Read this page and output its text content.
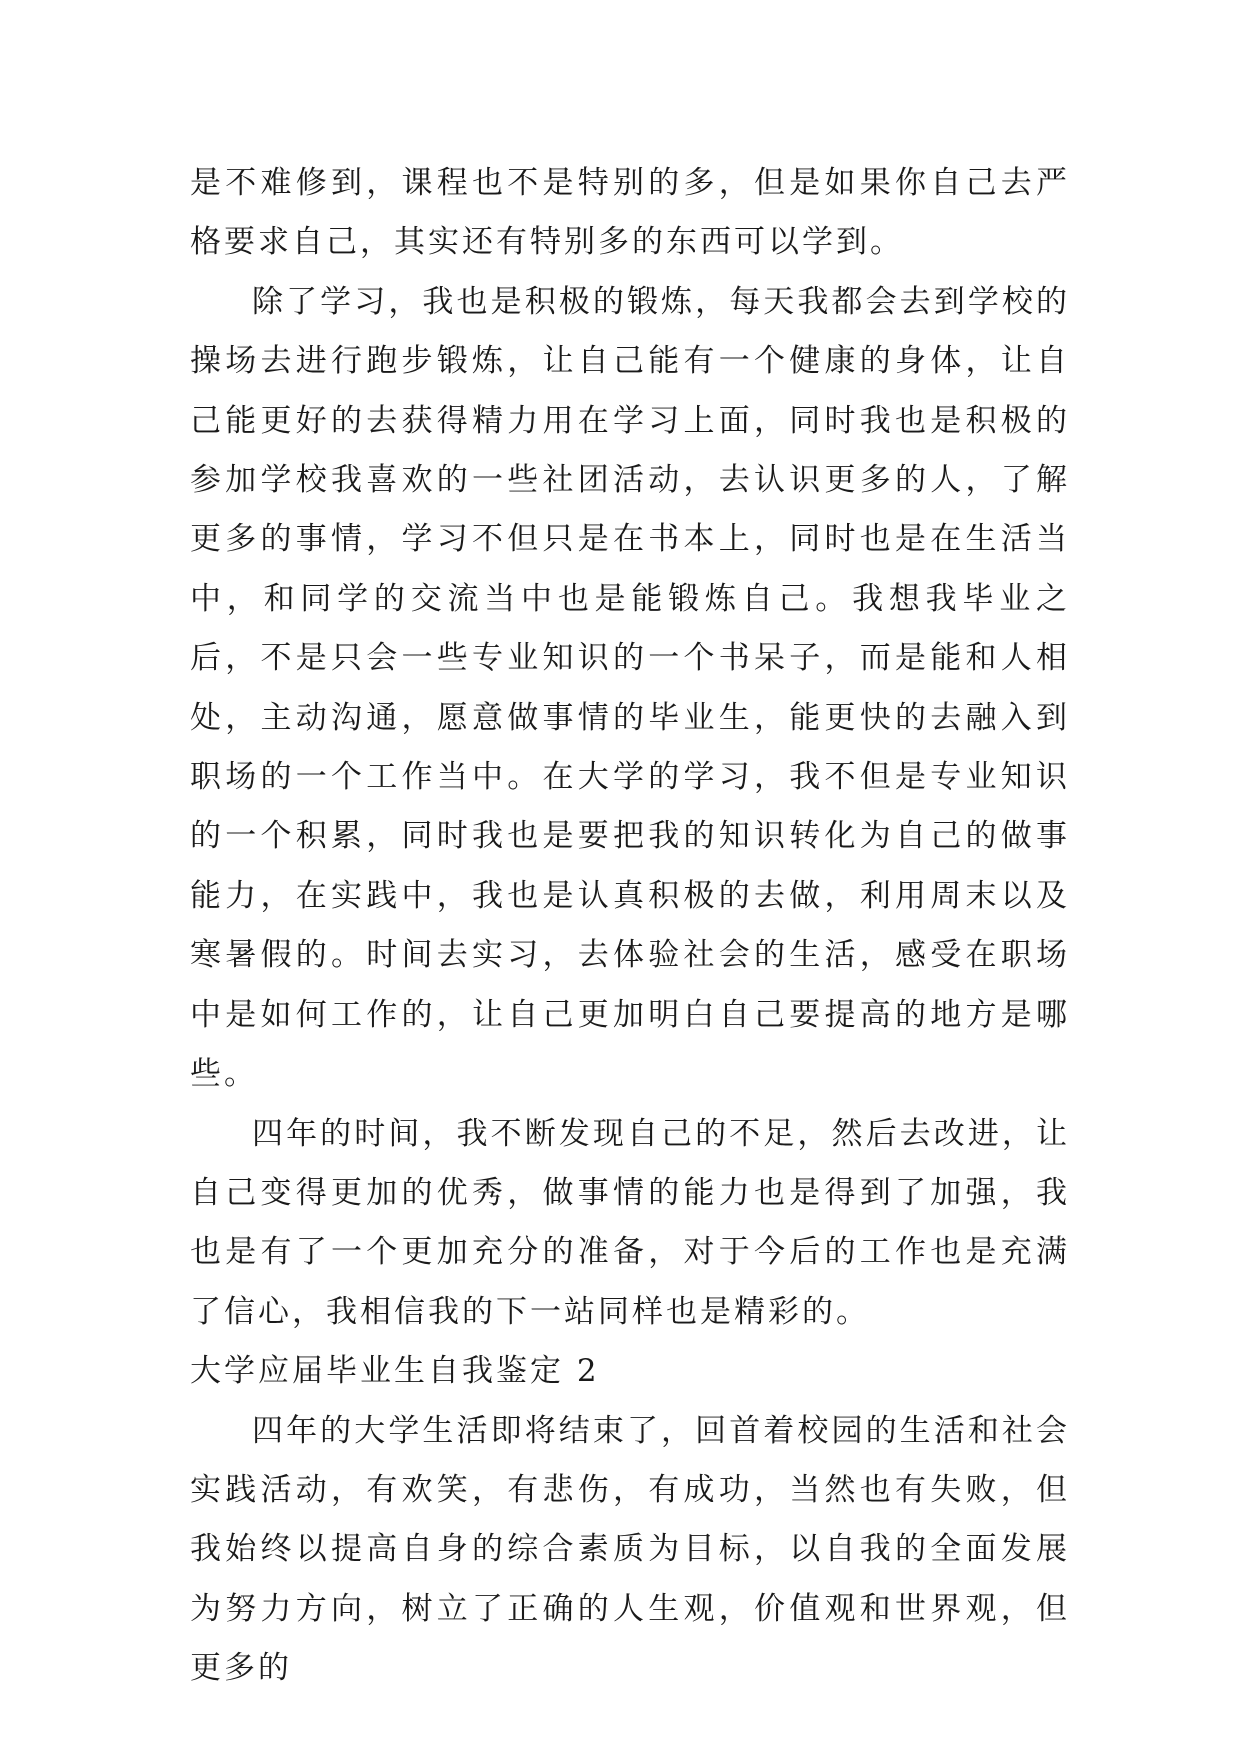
是不难修到，课程也不是特别的多，但是如果你自己去严格要求自己，其实还有特别多的东西可以学到。

除了学习，我也是积极的锻炼，每天我都会去到学校的操场去进行跑步锻炼，让自己能有一个健康的身体，让自己能更好的去获得精力用在学习上面，同时我也是积极的参加学校我喜欢的一些社团活动，去认识更多的人，了解更多的事情，学习不但只是在书本上，同时也是在生活当中，和同学的交流当中也是能锻炼自己。我想我毕业之后，不是只会一些专业知识的一个书呆子，而是能和人相处，主动沟通，愿意做事情的毕业生，能更快的去融入到职场的一个工作当中。在大学的学习，我不但是专业知识的一个积累，同时我也是要把我的知识转化为自己的做事能力，在实践中，我也是认真积极的去做，利用周末以及寒暑假的。时间去实习，去体验社会的生活，感受在职场中是如何工作的，让自己更加明白自己要提高的地方是哪些。

四年的时间，我不断发现自己的不足，然后去改进，让自己变得更加的优秀，做事情的能力也是得到了加强，我也是有了一个更加充分的准备，对于今后的工作也是充满了信心，我相信我的下一站同样也是精彩的。

大学应届毕业生自我鉴定 2

四年的大学生活即将结束了，回首着校园的生活和社会实践活动，有欢笑，有悲伤，有成功，当然也有失败，但我始终以提高自身的综合素质为目标，以自我的全面发展为努力方向，树立了正确的人生观，价值观和世界观，但更多的
